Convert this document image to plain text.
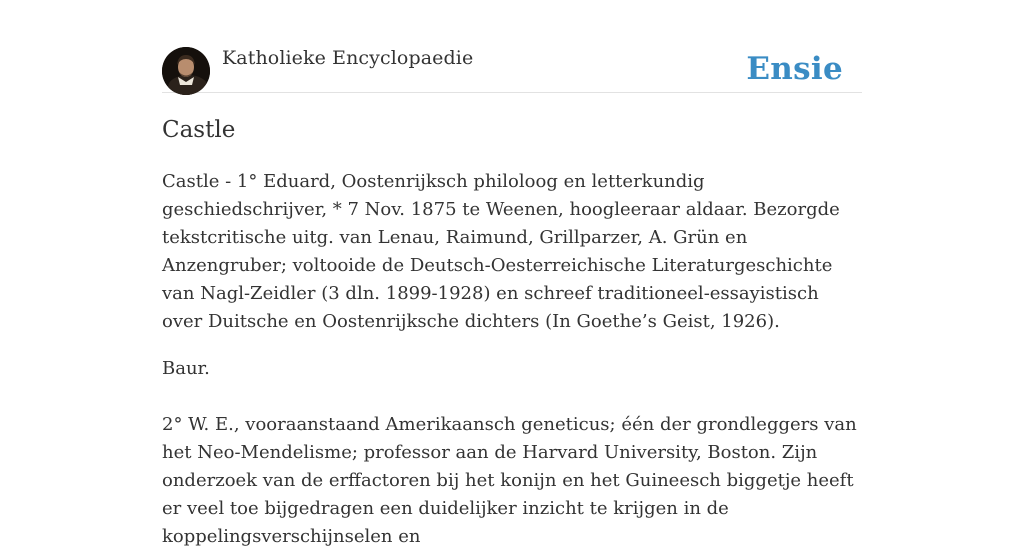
Katholieke Encyclopaedie	Ensie
Castle

Castle - 1° Eduard, Oostenrijksch philoloog en letterkundig geschiedschrijver, * 7 Nov. 1875 te Weenen, hoogleeraar aldaar. Bezorgde tekstcritische uitg. van Lenau, Raimund, Grillparzer, A. Grün en Anzengruber; voltooide de Deutsch-Oesterreichische Literaturgeschichte van Nagl-Zeidler (3 dln. 1899-1928) en schreef traditioneel-essayistisch over Duitsche en Oostenrijksche dichters (In Goethe’s Geist, 1926).

Baur.

2° W. E., vooraanstaand Amerikaansch geneticus; één der grondleggers van het Neo-Mendelisme; professor aan de Harvard University, Boston. Zijn onderzoek van de erffactoren bij het konijn en het Guineesch biggetje heeft er veel toe bijgedragen een duidelijker inzicht te krijgen in de koppelingsverschijnselen en
